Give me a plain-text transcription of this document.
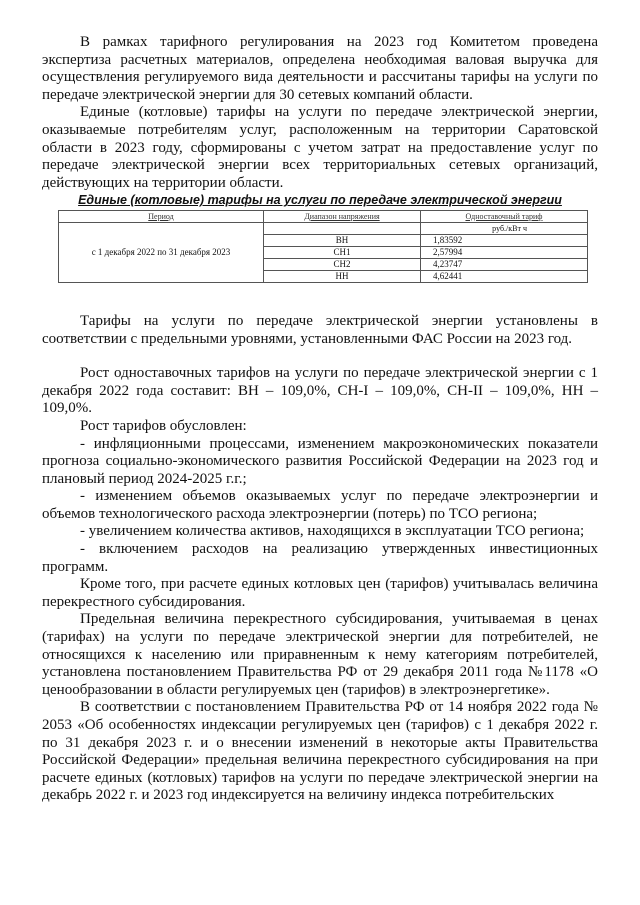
В рамках тарифного регулирования на 2023 год Комитетом проведена экспертиза расчетных материалов, определена необходимая валовая выручка для осуществления регулируемого вида деятельности и рассчитаны тарифы на услуги по передаче электрической энергии для 30 сетевых компаний области.

Единые (котловые) тарифы на услуги по передаче электрической энергии, оказываемые потребителям услуг, расположенным на территории Саратовской области в 2023 году, сформированы с учетом затрат на предоставление услуг по передаче электрической энергии всех территориальных сетевых организаций, действующих на территории области.

Единые (котловые) тарифы на услуги по передаче электрической энергии

Период	Диапазон напряжения	Одноставочный тариф
с 1 декабря 2022 по 31 декабря 2023		руб./кВт ч
	ВН	1,83592
	СН1	2,57994
	СН2	4,23747
	НН	4,62441

Тарифы на услуги по передаче электрической энергии установлены в соответствии с предельными уровнями, установленными ФАС России на 2023 год.

Рост одноставочных тарифов на услуги по передаче электрической энергии с 1 декабря 2022 года составит: ВН – 109,0%, СН-I – 109,0%, СН-II – 109,0%, НН – 109,0%.

Рост тарифов обусловлен:

- инфляционными процессами, изменением макроэкономических показатели прогноза социально-экономического развития Российской Федерации на 2023 год и плановый период 2024-2025 г.г.;

- изменением объемов оказываемых услуг по передаче электроэнергии и объемов технологического расхода электроэнергии (потерь) по ТСО региона;

- увеличением количества активов, находящихся в эксплуатации ТСО региона;

- включением расходов на реализацию утвержденных инвестиционных программ.

Кроме того, при расчете единых котловых цен (тарифов) учитывалась величина перекрестного субсидирования.

Предельная величина перекрестного субсидирования, учитываемая в ценах (тарифах) на услуги по передаче электрической энергии для потребителей, не относящихся к населению или приравненным к нему категориям потребителей, установлена постановлением Правительства РФ от 29 декабря 2011 года №1178 «О ценообразовании в области регулируемых цен (тарифов) в электроэнергетике».

В соответствии с постановлением Правительства РФ от 14 ноября 2022 года № 2053 «Об особенностях индексации регулируемых цен (тарифов) с 1 декабря 2022 г. по 31 декабря 2023 г. и о внесении изменений в некоторые акты Правительства Российской Федерации» предельная величина перекрестного субсидирования на при расчете единых (котловых) тарифов на услуги по передаче электрической энергии на декабрь 2022 г. и 2023 год индексируется на величину индекса потребительских
